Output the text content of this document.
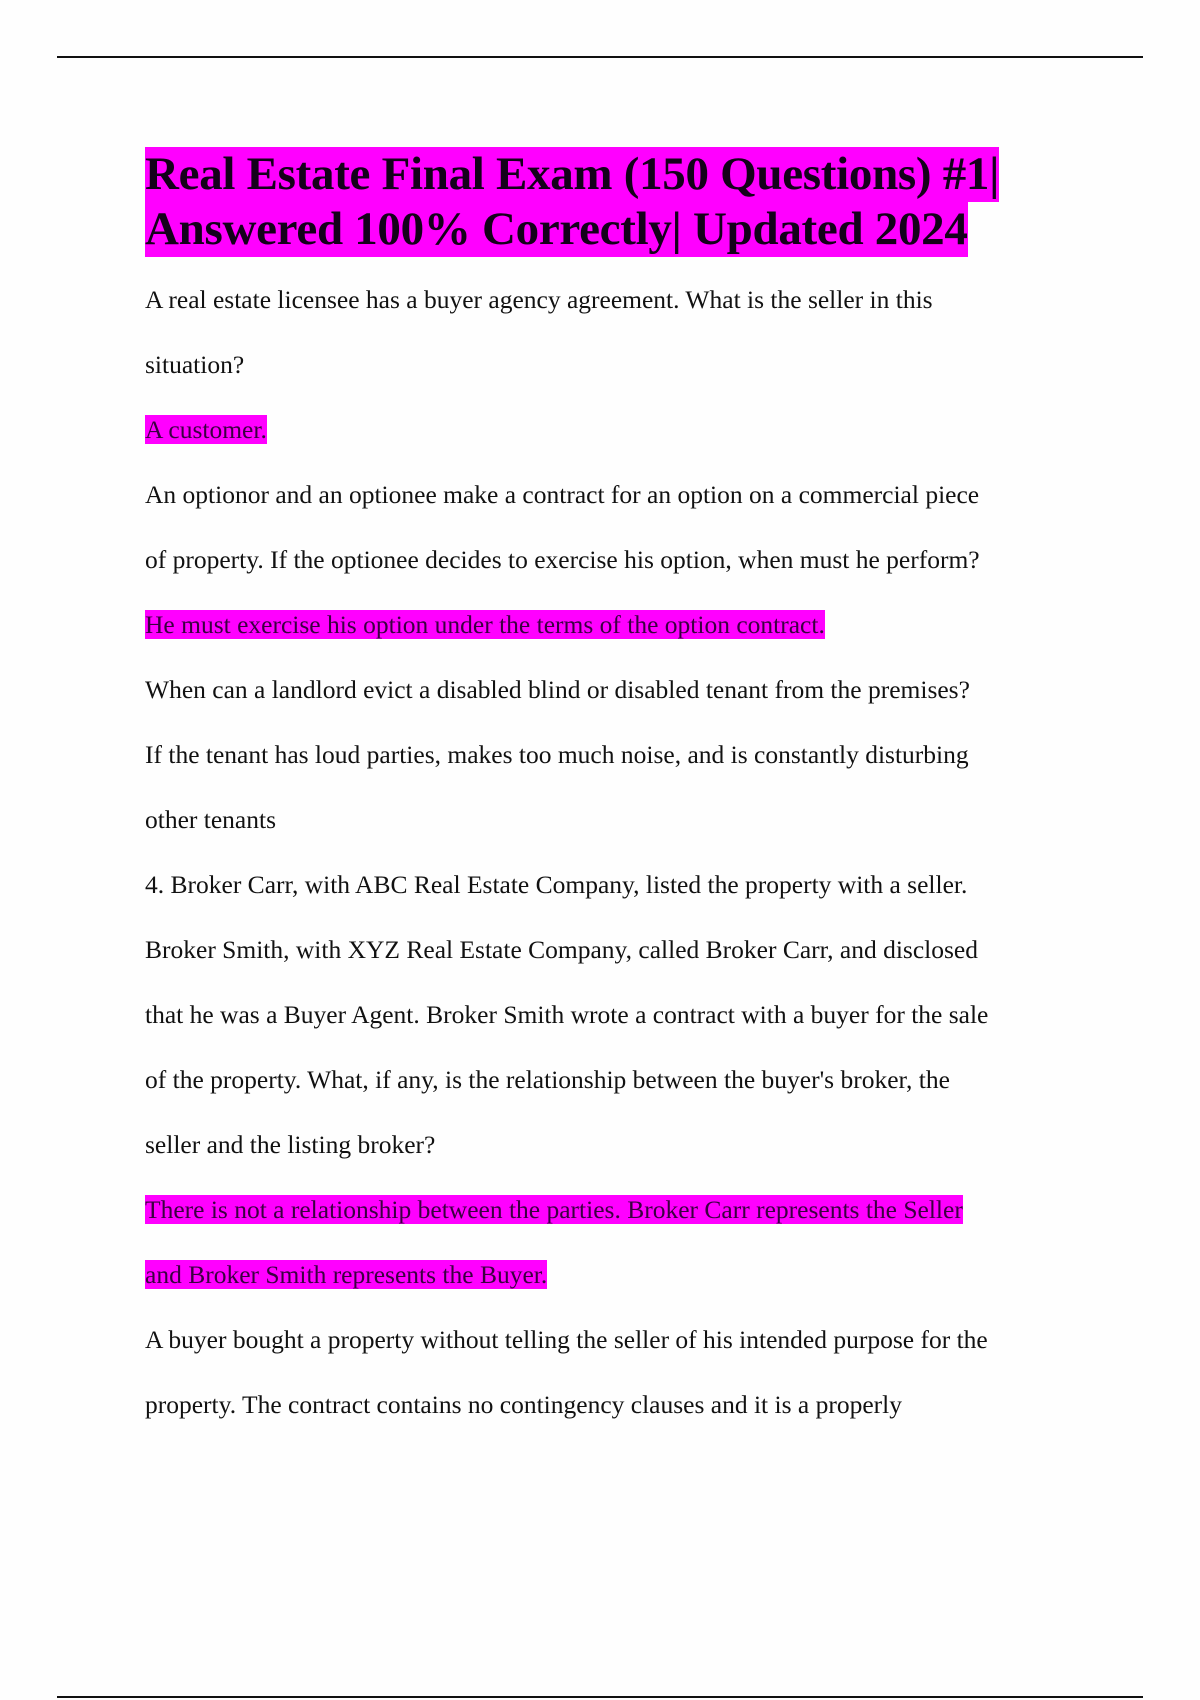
Real Estate Final Exam (150 Questions) #1|
Answered 100% Correctly| Updated 2024
A real estate licensee has a buyer agency agreement. What is the seller in this
situation?
A customer.
An optionor and an optionee make a contract for an option on a commercial piece
of property. If the optionee decides to exercise his option, when must he perform?
He must exercise his option under the terms of the option contract.
When can a landlord evict a disabled blind or disabled tenant from the premises?
If the tenant has loud parties, makes too much noise, and is constantly disturbing
other tenants
4. Broker Carr, with ABC Real Estate Company, listed the property with a seller.
Broker Smith, with XYZ Real Estate Company, called Broker Carr, and disclosed
that he was a Buyer Agent. Broker Smith wrote a contract with a buyer for the sale
of the property. What, if any, is the relationship between the buyer's broker, the
seller and the listing broker?
There is not a relationship between the parties. Broker Carr represents the Seller
and Broker Smith represents the Buyer.
A buyer bought a property without telling the seller of his intended purpose for the
property. The contract contains no contingency clauses and it is a properly
